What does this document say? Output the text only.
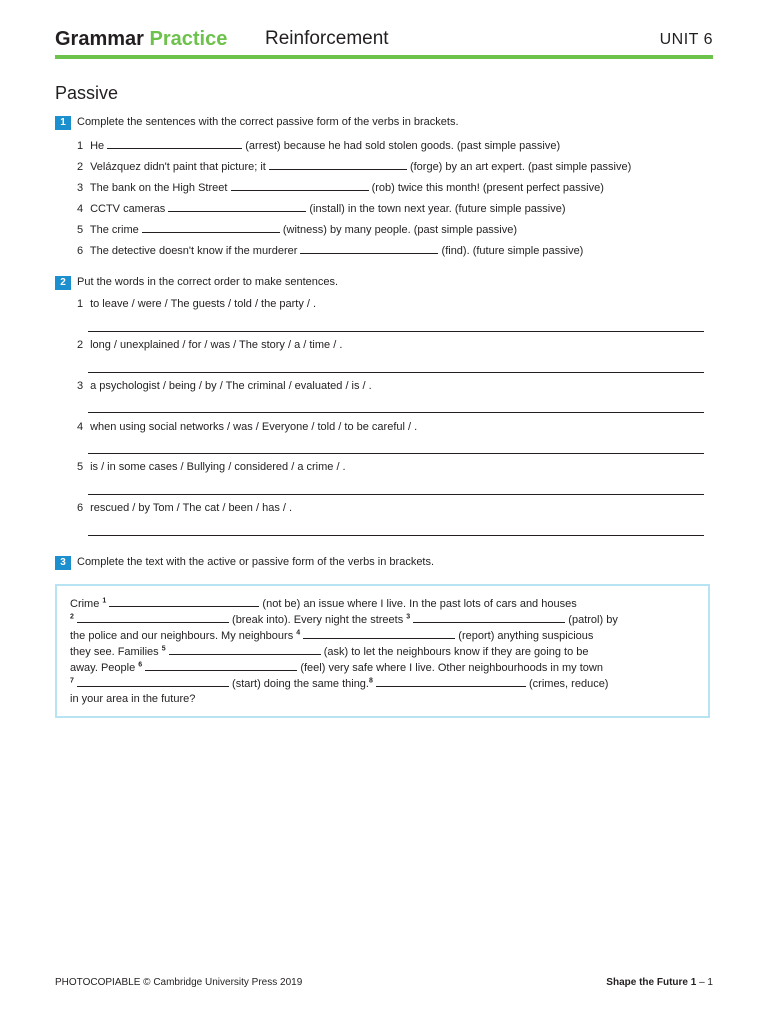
Grammar Practice Reinforcement	UNIT 6
Passive
1	Complete the sentences with the correct passive form of the verbs in brackets.
1 He	(arrest) because he had sold stolen goods. (past simple passive)
2 Velázquez didn't paint that picture; it	(forge) by an art expert. (past simple passive)
3 The bank on the High Street	(rob) twice this month! (present perfect passive)
4 CCTV cameras	(install) in the town next year. (future simple passive)
5 The crime	(witness) by many people. (past simple passive)
6 The detective doesn't know if the murderer	(find). (future simple passive)
2	Put the words in the correct order to make sentences.
1 to leave / were / The guests / told / the party / .
2 long / unexplained / for / was / The story / a / time / .
3 a psychologist / being / by / The criminal / evaluated / is / .
4 when using social networks / was / Everyone / told / to be careful / .
5 is / in some cases / Bullying / considered / a crime / .
6 rescued / by Tom / The cat / been / has / .
3	Complete the text with the active or passive form of the verbs in brackets.
Crime $^1$	(not be) an issue where I live. In the past lots of cars and houses
$^2$	(break into). Every night the streets $^3$	(patrol) by
the police and our neighbours. My neighbours $^4$	(report) anything suspicious
they see. Families $^5$	(ask) to let the neighbours know if they are going to be
away. People $^6$	(feel) very safe where I live. Other neighbourhoods in my town
$^7$	(start) doing the same thing.$^8$	(crimes, reduce)
in your area in the future?
PHOTOCOPIABLE © Cambridge University Press 2019	Shape the Future 1 – 1
